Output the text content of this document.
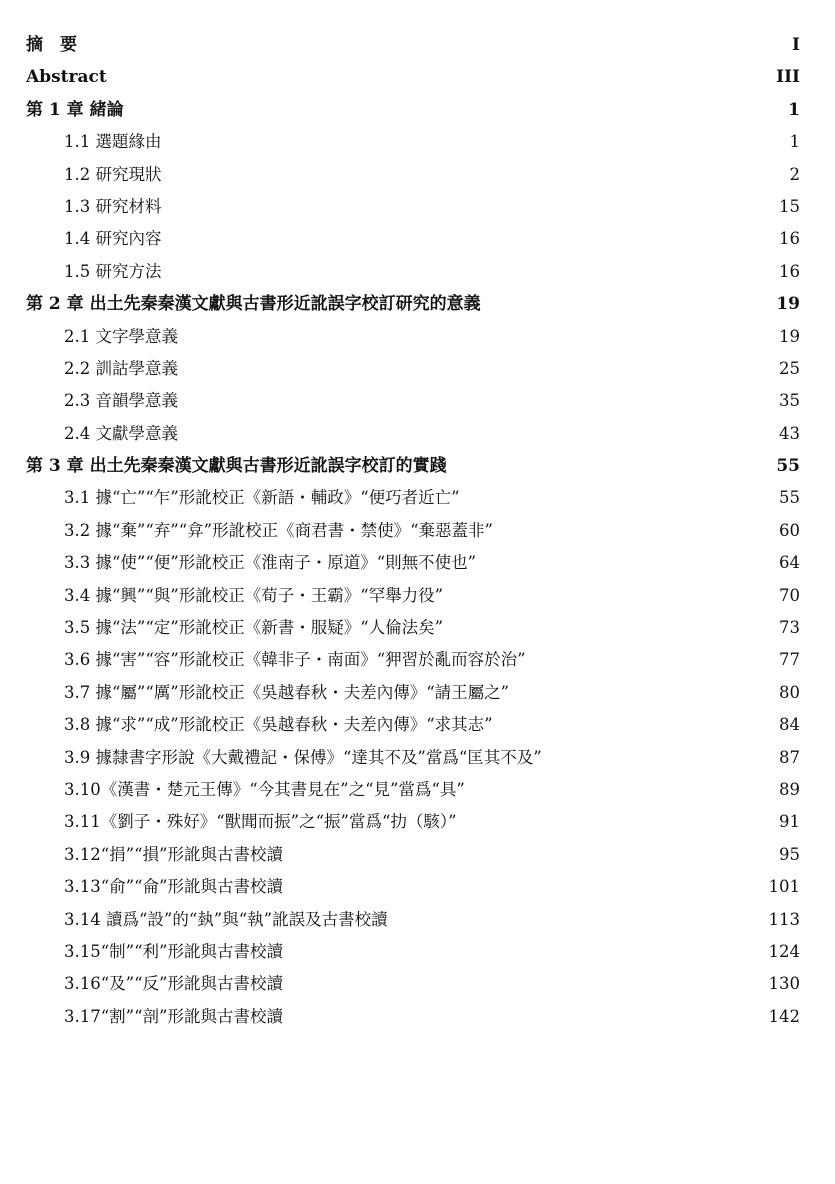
摘　要	I
Abstract	III
第 1 章 緒論	1
1.1 選題緣由	1
1.2 研究現狀	2
1.3 研究材料	15
1.4 研究內容	16
1.5 研究方法	16
第 2 章 出土先秦秦漢文獻與古書形近訛誤字校訂研究的意義	19
2.1 文字學意義	19
2.2 訓詁學意義	25
2.3 音韻學意義	35
2.4 文獻學意義	43
第 3 章 出土先秦秦漢文獻與古書形近訛誤字校訂的實踐	55
3.1 據“亡”“乍”形訛校正《新語・輔政》“便巧者近亡”	55
3.2 據“棄”“弃”“弇”形訛校正《商君書・禁使》“棄惡蓋非”	60
3.3 據“使”“便”形訛校正《淮南子・原道》“則無不使也”	64
3.4 據“興”“與”形訛校正《荀子・王霸》“罕舉力役”	70
3.5 據“法”“定”形訛校正《新書・服疑》“人倫法矣”	73
3.6 據“害”“容”形訛校正《韓非子・南面》“狎習於亂而容於治”	77
3.7 據“屬”“厲”形訛校正《吳越春秋・夫差內傳》“請王屬之”	80
3.8 據“求”“成”形訛校正《吳越春秋・夫差內傳》“求其志”	84
3.9 據隸書字形說《大戴禮記・保傅》“達其不及”當爲“匡其不及”	87
3.10《漢書・楚元王傳》“今其書見在”之“見”當爲“具”	89
3.11《劉子・殊好》“獸聞而振”之“振”當爲“扐（駭）”	91
3.12“捐”“損”形訛與古書校讀	95
3.13“俞”“侖”形訛與古書校讀	101
3.14 讀爲“設”的“埶”與“執”訛誤及古書校讀	113
3.15“制”“利”形訛與古書校讀	124
3.16“及”“反”形訛與古書校讀	130
3.17“割”“剖”形訛與古書校讀	142
